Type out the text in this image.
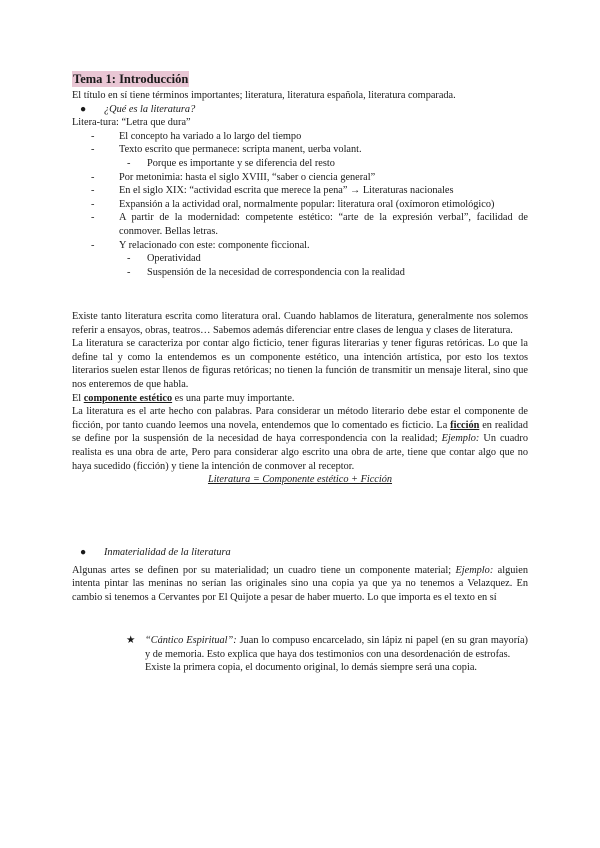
Tema 1: Introducción
El título en sí tiene términos importantes; literatura, literatura española, literatura comparada.
● ¿Qué es la literatura?
Litera-tura: “Letra que dura”
- El concepto ha variado a lo largo del tiempo
- Texto escrito que permanece: scripta manent, uerba volant.
- Porque es importante y se diferencia del resto
- Por metonimia: hasta el siglo XVIII, “saber o ciencia general”
- En el siglo XIX: “actividad escrita que merece la pena” → Literaturas nacionales
- Expansión a la actividad oral, normalmente popular: literatura oral (oxímoron etimológico)
- A partir de la modernidad: competente estético: “arte de la expresión verbal”, facilidad de conmover. Bellas letras.
- Y relacionado con este: componente ficcional.
- Operatividad
- Suspensión de la necesidad de correspondencia con la realidad
Existe tanto literatura escrita como literatura oral. Cuando hablamos de literatura, generalmente nos solemos referir a ensayos, obras, teatros… Sabemos además diferenciar entre clases de lengua y clases de literatura.
La literatura se caracteriza por contar algo ficticio, tener figuras literarias y tener figuras retóricas. Lo que la define tal y como la entendemos es un componente estético, una intención artística, por esto los textos literarios suelen estar llenos de figuras retóricas; no tienen la función de transmitir un mensaje literal, sino que nos enteremos de que habla.
El componente estético es una parte muy importante.
La literatura es el arte hecho con palabras. Para considerar un método literario debe estar el componente de ficción, por tanto cuando leemos una novela, entendemos que lo comentado es ficticio. La ficción en realidad se define por la suspensión de la necesidad de haya correspondencia con la realidad; Ejemplo: Un cuadro realista es una obra de arte, Pero para considerar algo escrito una obra de arte, tiene que contar algo que no haya sucedido (ficción) y tiene la intención de conmover al receptor.
Literatura = Componente estético + Ficción
● Inmaterialidad de la literatura
Algunas artes se definen por su materialidad; un cuadro tiene un componente material; Ejemplo: alguien intenta pintar las meninas no serían las originales sino una copia ya que ya no tenemos a Velazquez. En cambio si tenemos a Cervantes por El Quijote a pesar de haber muerto. Lo que importa es el texto en sí
★ “Cántico Espiritual”: Juan lo compuso encarcelado, sin lápiz ni papel (en su gran mayoría) y de memoria. Esto explica que haya dos testimonios con una desordenación de estrofas.
Existe la primera copia, el documento original, lo demás siempre será una copia.
